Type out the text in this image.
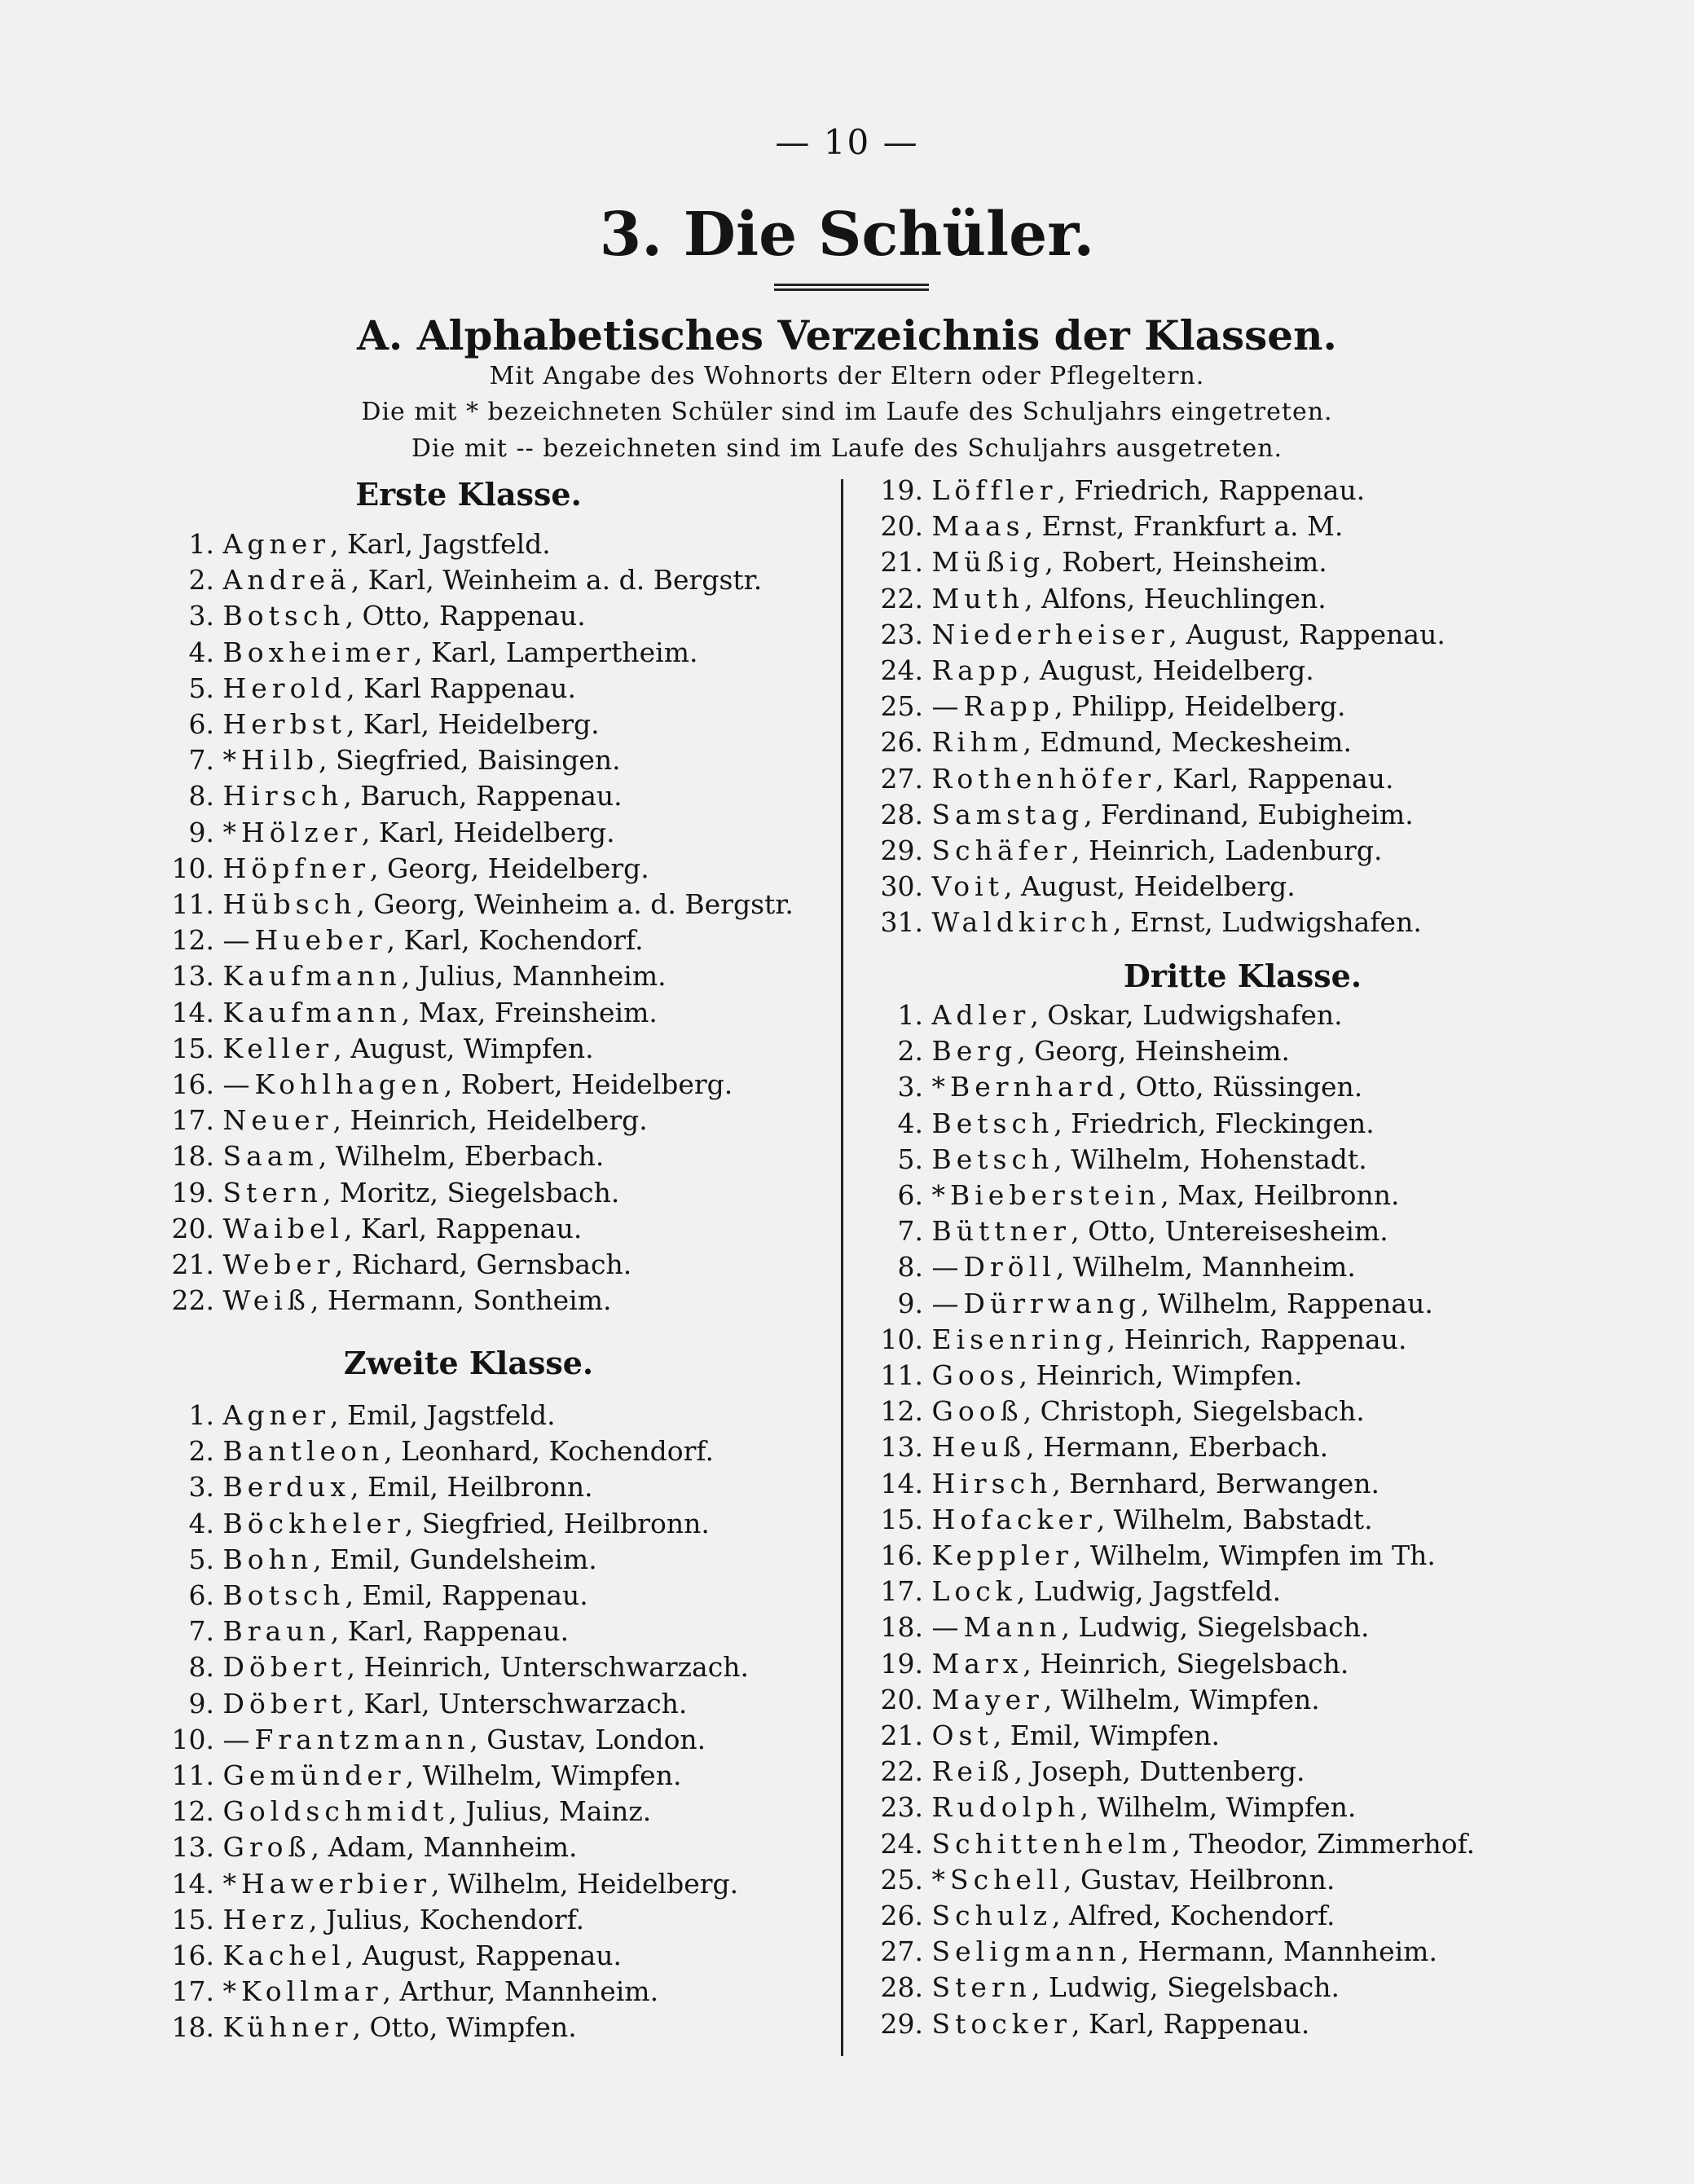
— 10 —
3. Die Schüler.
A. Alphabetisches Verzeichnis der Klassen.
Mit Angabe des Wohnorts der Eltern oder Pflegeltern.
Die mit * bezeichneten Schüler sind im Laufe des Schuljahrs eingetreten.
Die mit -- bezeichneten sind im Laufe des Schuljahrs ausgetreten.
Erste Klasse.
1. Agner, Karl, Jagstfeld.
2. Andreä, Karl, Weinheim a. d. Bergstr.
3. Botsch, Otto, Rappenau.
4. Boxheimer, Karl, Lampertheim.
5. Herold, Karl Rappenau.
6. Herbst, Karl, Heidelberg.
7. *Hilb, Siegfried, Baisingen.
8. Hirsch, Baruch, Rappenau.
9. *Hölzer, Karl, Heidelberg.
10. Höpfner, Georg, Heidelberg.
11. Hübsch, Georg, Weinheim a. d. Bergstr.
12. —Hueber, Karl, Kochendorf.
13. Kaufmann, Julius, Mannheim.
14. Kaufmann, Max, Freinsheim.
15. Keller, August, Wimpfen.
16. —Kohlhagen, Robert, Heidelberg.
17. Neuer, Heinrich, Heidelberg.
18. Saam, Wilhelm, Eberbach.
19. Stern, Moritz, Siegelsbach.
20. Waibel, Karl, Rappenau.
21. Weber, Richard, Gernsbach.
22. Weiß, Hermann, Sontheim.
Zweite Klasse.
1. Agner, Emil, Jagstfeld.
2. Bantleon, Leonhard, Kochendorf.
3. Berdux, Emil, Heilbronn.
4. Böckheler, Siegfried, Heilbronn.
5. Bohn, Emil, Gundelsheim.
6. Botsch, Emil, Rappenau.
7. Braun, Karl, Rappenau.
8. Döbert, Heinrich, Unterschwarzach.
9. Döbert, Karl, Unterschwarzach.
10. —Frantzmann, Gustav, London.
11. Gemünder, Wilhelm, Wimpfen.
12. Goldschmidt, Julius, Mainz.
13. Groß, Adam, Mannheim.
14. *Hawerbier, Wilhelm, Heidelberg.
15. Herz, Julius, Kochendorf.
16. Kachel, August, Rappenau.
17. *Kollmar, Arthur, Mannheim.
18. Kühner, Otto, Wimpfen.
19. Löffler, Friedrich, Rappenau.
20. Maas, Ernst, Frankfurt a. M.
21. Müßig, Robert, Heinsheim.
22. Muth, Alfons, Heuchlingen.
23. Niederheiser, August, Rappenau.
24. Rapp, August, Heidelberg.
25. —Rapp, Philipp, Heidelberg.
26. Rihm, Edmund, Meckesheim.
27. Rothenhöfer, Karl, Rappenau.
28. Samstag, Ferdinand, Eubigheim.
29. Schäfer, Heinrich, Ladenburg.
30. Voit, August, Heidelberg.
31. Waldkirch, Ernst, Ludwigshafen.
Dritte Klasse.
1. Adler, Oskar, Ludwigshafen.
2. Berg, Georg, Heinsheim.
3. *Bernhard, Otto, Rüssingen.
4. Betsch, Friedrich, Fleckingen.
5. Betsch, Wilhelm, Hohenstadt.
6. *Bieberstein, Max, Heilbronn.
7. Büttner, Otto, Untereisesheim.
8. —Dröll, Wilhelm, Mannheim.
9. —Dürrwang, Wilhelm, Rappenau.
10. Eisenring, Heinrich, Rappenau.
11. Goos, Heinrich, Wimpfen.
12. Gooß, Christoph, Siegelsbach.
13. Heuß, Hermann, Eberbach.
14. Hirsch, Bernhard, Berwangen.
15. Hofacker, Wilhelm, Babstadt.
16. Keppler, Wilhelm, Wimpfen im Th.
17. Lock, Ludwig, Jagstfeld.
18. —Mann, Ludwig, Siegelsbach.
19. Marx, Heinrich, Siegelsbach.
20. Mayer, Wilhelm, Wimpfen.
21. Ost, Emil, Wimpfen.
22. Reiß, Joseph, Duttenberg.
23. Rudolph, Wilhelm, Wimpfen.
24. Schittenhelm, Theodor, Zimmerhof.
25. *Schell, Gustav, Heilbronn.
26. Schulz, Alfred, Kochendorf.
27. Seligmann, Hermann, Mannheim.
28. Stern, Ludwig, Siegelsbach.
29. Stocker, Karl, Rappenau.
